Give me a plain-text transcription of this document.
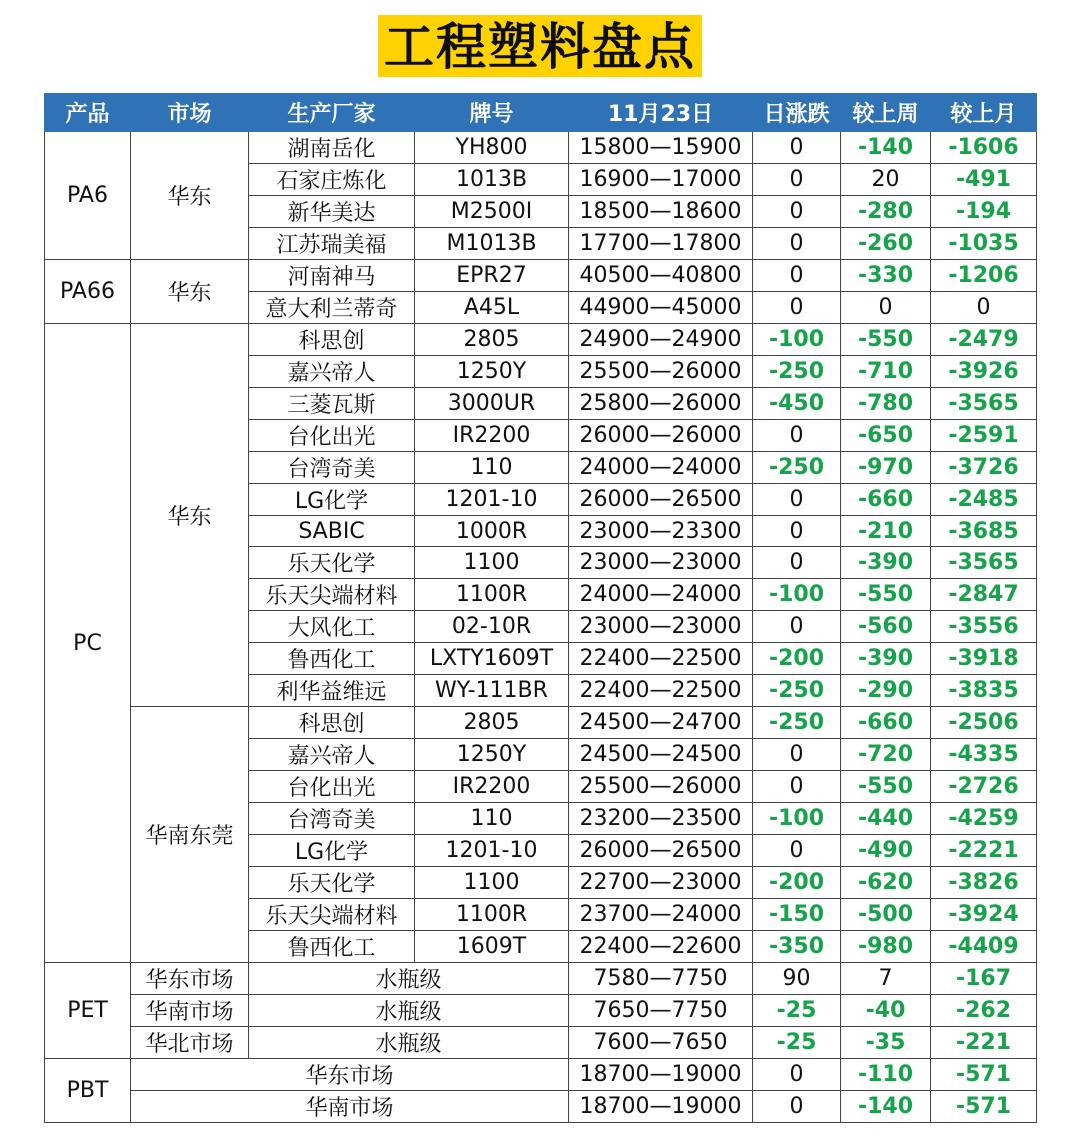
工程塑料盘点
产品	市场	生产厂家	牌号	11月23日	日涨跌	较上周	较上月
PA6	华东	湖南岳化	YH800	15800—15900	0	-140	-1606
		石家庄炼化	1013B	16900—17000	0	20	-491
		新华美达	M2500I	18500—18600	0	-280	-194
		江苏瑞美福	M1013B	17700—17800	0	-260	-1035
PA66	华东	河南神马	EPR27	40500—40800	0	-330	-1206
		意大利兰蒂奇	A45L	44900—45000	0	0	0
PC	华东	科思创	2805	24900—24900	-100	-550	-2479
		嘉兴帝人	1250Y	25500—26000	-250	-710	-3926
		三菱瓦斯	3000UR	25800—26000	-450	-780	-3565
		台化出光	IR2200	26000—26000	0	-650	-2591
		台湾奇美	110	24000—24000	-250	-970	-3726
		LG化学	1201-10	26000—26500	0	-660	-2485
		SABIC	1000R	23000—23300	0	-210	-3685
		乐天化学	1100	23000—23000	0	-390	-3565
		乐天尖端材料	1100R	24000—24000	-100	-550	-2847
		大风化工	02-10R	23000—23000	0	-560	-3556
		鲁西化工	LXTY1609T	22400—22500	-200	-390	-3918
		利华益维远	WY-111BR	22400—22500	-250	-290	-3835
	华南东莞	科思创	2805	24500—24700	-250	-660	-2506
		嘉兴帝人	1250Y	24500—24500	0	-720	-4335
		台化出光	IR2200	25500—26000	0	-550	-2726
		台湾奇美	110	23200—23500	-100	-440	-4259
		LG化学	1201-10	26000—26500	0	-490	-2221
		乐天化学	1100	22700—23000	-200	-620	-3826
		乐天尖端材料	1100R	23700—24000	-150	-500	-3924
		鲁西化工	1609T	22400—22600	-350	-980	-4409
PET	华东市场	水瓶级		7580—7750	90	7	-167
	华南市场	水瓶级		7650—7750	-25	-40	-262
	华北市场	水瓶级		7600—7650	-25	-35	-221
PBT	华东市场			18700—19000	0	-110	-571
	华南市场			18700—19000	0	-140	-571
